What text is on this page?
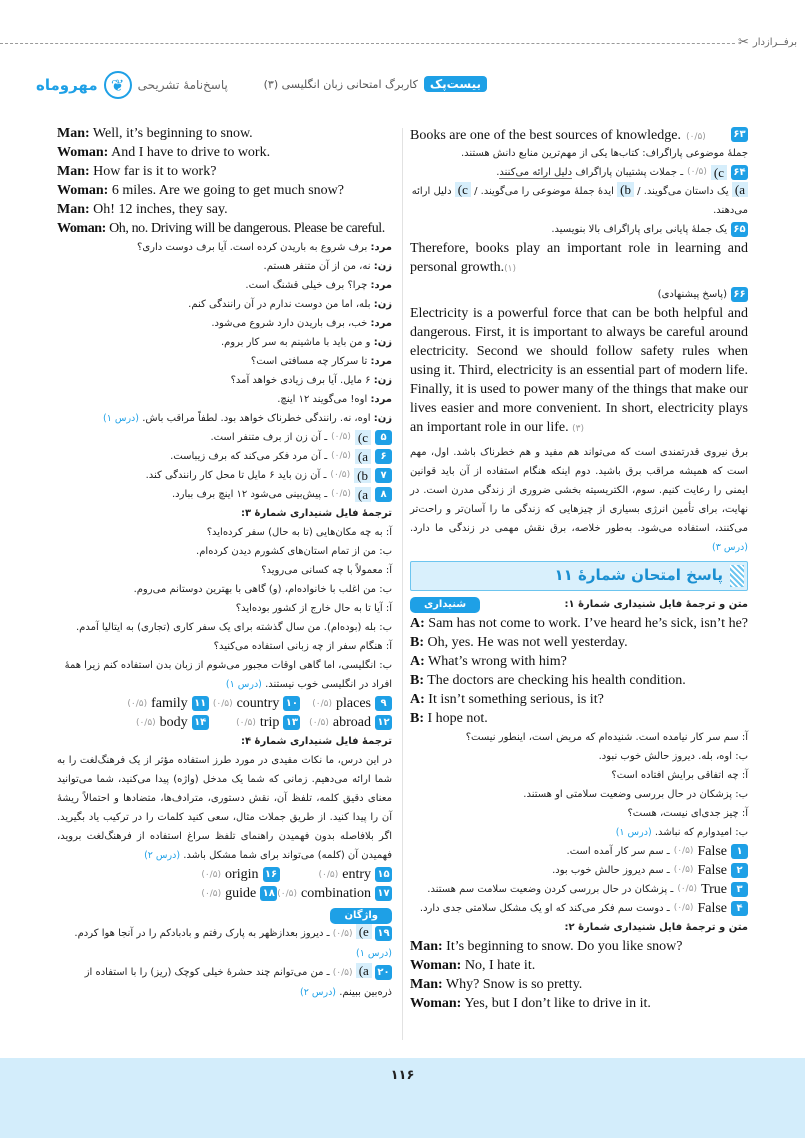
برفــرازدار
✂
بیست‌پک
کاربرگ امتحانی زبان انگلیسی (۳)
پاسخ‌نامهٔ تشریحی
❦
مهروماه
۶۳
Books are one of the best sources of knowledge. (۰/۵)
جملهٔ موضوعی پاراگراف: کتاب‌ها یکی از مهم‌ترین منابع دانش هستند.
۶۴
c)
(۰/۵)
ـ جملات پشتیبان پاراگراف دلیل ارائه می‌کنند.
a) یک داستان می‌گویند. / b) ایدهٔ جملهٔ موضوعی را می‌گویند. / c) دلیل ارائه می‌دهند.
۶۵
یک جملهٔ پایانی برای پاراگراف بالا بنویسید.
Therefore, books play an important role in learning and personal growth.(۱)
۶۶
(پاسخ پیشنهادی)
Electricity is a powerful force that can be both helpful and dangerous. First, it is important to always be careful around electricity. Second we should follow safety rules when using it. Third, electricity is an essential part of modern life. Finally, it is used to power many of the things that make our lives easier and more convenient. In short, electricity plays an important role in our life. (۳)
برق نیروی قدرتمندی است که می‌تواند هم مفید و هم خطرناک باشد. اول، مهم است که همیشه مراقب برق باشید. دوم اینکه هنگام استفاده از آن باید قوانین ایمنی را رعایت کنیم. سوم، الکتریسیته بخشی ضروری از زندگی مدرن است. در نهایت، برای تأمین انرژی بسیاری از چیزهایی که زندگی ما را آسان‌تر و راحت‌تر می‌کنند، استفاده می‌شود. به‌طور خلاصه، برق نقش مهمی در زندگی ما دارد. (درس ۳)
پاسخ امتحان شمارهٔ ۱۱
متن و ترجمهٔ فایل شنیداری شمارهٔ ۱:
شنیداری
A: Sam has not come to work. I’ve heard he’s sick, isn’t he?
B: Oh, yes. He was not well yesterday.
A: What’s wrong with him?
B: The doctors are checking his health condition.
A: It isn’t something serious, is it?
B: I hope not.
آ: سم سر کار نیامده است. شنیده‌ام که مریض است، اینطور نیست؟
ب: اوه، بله. دیروز حالش خوب نبود.
آ: چه اتفاقی برایش افتاده است؟
ب: پزشکان در حال بررسی وضعیت سلامتی او هستند.
آ: چیز جدی‌ای نیست، هست؟
ب: امیدوارم که نباشد. (درس ۱)
۱
False
(۰/۵)
ـ سم سر کار آمده است.
۲
False
(۰/۵)
ـ سم دیروز حالش خوب بود.
۳
True
(۰/۵)
ـ پزشکان در حال بررسی کردن وضعیت سلامت سم هستند.
۴
False
(۰/۵)
ـ دوست سم فکر می‌کند که او یک مشکل سلامتی جدی دارد.
متن و ترجمهٔ فایل شنیداری شمارهٔ ۲:
Man: It’s beginning to snow. Do you like snow?
Woman: No, I hate it.
Man: Why? Snow is so pretty.
Woman: Yes, but I don’t like to drive in it.
Man: Well, it’s beginning to snow.
Woman: And I have to drive to work.
Man: How far is it to work?
Woman: 6 miles. Are we going to get much snow?
Man: Oh! 12 inches, they say.
Woman: Oh, no. Driving will be dangerous. Please be careful.
مرد: برف شروع به باریدن کرده است. آیا برف دوست داری؟
زن: نه، من از آن متنفر هستم.
مرد: چرا؟ برف خیلی قشنگ است.
زن: بله، اما من دوست ندارم در آن رانندگی کنم.
مرد: خب، برف باریدن دارد شروع می‌شود.
زن: و من باید با ماشینم به سر کار بروم.
مرد: تا سرکار چه مسافتی است؟
زن: ۶ مایل. آیا برف زیادی خواهد آمد؟
مرد: اوه! می‌گویند ۱۲ اینچ.
زن: اوه، نه. رانندگی خطرناک خواهد بود. لطفاً مراقب باش. (درس ۱)
۵
c)
(۰/۵)
ـ آن زن از برف متنفر است.
۶
a)
(۰/۵)
ـ آن مرد فکر می‌کند که برف زیباست.
۷
b)
(۰/۵)
ـ آن زن باید ۶ مایل تا محل کار رانندگی کند.
۸
a)
(۰/۵)
ـ پیش‌بینی می‌شود ۱۲ اینچ برف ببارد.
ترجمهٔ فایل شنیداری شمارهٔ ۳:
آ: به چه مکان‌هایی (تا به حال) سفر کرده‌اید؟
ب: من از تمام استان‌های کشورم دیدن کرده‌ام.
آ: معمولاً با چه کسانی می‌روید؟
ب: من اغلب با خانواده‌ام، (و) گاهی با بهترین دوستانم می‌روم.
آ: آیا تا به حال خارج از کشور بوده‌اید؟
ب: بله (بوده‌ام). من سال گذشته برای یک سفر کاری (تجاری) به ایتالیا آمدم.
آ: هنگام سفر از چه زبانی استفاده می‌کنید؟
ب: انگلیسی، اما گاهی اوقات مجبور می‌شوم از زبان بدن استفاده کنم زیرا همهٔ افراد در انگلیسی خوب نیستند. (درس ۱)
۹
places
(۰/۵)
۱۰
country
(۰/۵)
۱۱
family
(۰/۵)
۱۲
abroad
(۰/۵)
۱۳
trip
(۰/۵)
۱۴
body
(۰/۵)
ترجمهٔ فایل شنیداری شمارهٔ ۴:
در این درس، ما نکات مفیدی در مورد طرز استفاده مؤثر از یک فرهنگ‌لغت را به شما ارائه می‌دهیم. زمانی که شما یک مدخل (واژه) پیدا می‌کنید، شما می‌توانید معنای دقیق کلمه، تلفظ آن، نقش دستوری، مترادف‌ها، متضادها و احتمالاً ریشهٔ آن را پیدا کنید. از طریق جملات مثال، سعی کنید کلمات را در ترکیب یاد بگیرید. اگر بلافاصله بدون فهمیدن راهنمای تلفظ سراغ استفاده از فرهنگ‌لغت بروید، فهمیدن آن (کلمه) می‌تواند برای شما مشکل باشد. (درس ۲)
۱۵
entry
(۰/۵)
۱۶
origin
(۰/۵)
۱۷
combination
(۰/۵)
۱۸
guide
(۰/۵)
واژگان
۱۹ e) (۰/۵) ـ دیروز بعدازظهر به پارک رفتم و بادبادکم را در آنجا هوا کردم. (درس ۱)
۲۰ a) (۰/۵) ـ من می‌توانم چند حشرهٔ خیلی کوچک (ریز) را با استفاده از ذره‌بین ببینم. (درس ۲)
۱۱۶
